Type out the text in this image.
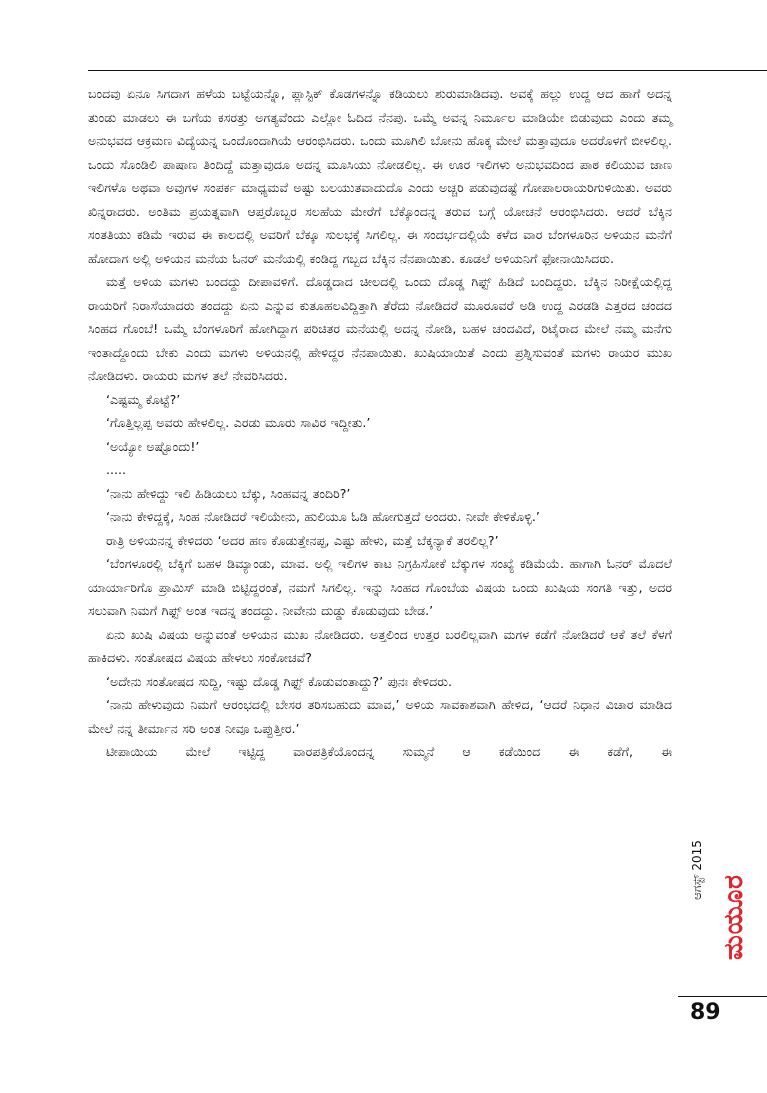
ಬಂದವು ಏನೂ ಸಿಗದಾಗ ಹಳೆಯ ಬಟ್ಟೆಯನ್ನೊ, ಪ್ಲಾಸ್ಟಿಕ್ ಕೊಡಗಳನ್ನೊ ಕಡಿಯಲು ಶುರುಮಾಡಿದವು. ಅವಕ್ಕೆ ಹಲ್ಲು ಉದ್ದ ಆದ ಹಾಗೆ ಅದನ್ನ ತುಂಡು ಮಾಡಲು ಈ ಬಗೆಯ ಕಸರತ್ತು ಅಗತ್ಯವೆಂದು ಎಲ್ಲೋ ಓದಿದ ನೆನಪು. ಒಮ್ಮೆ ಅವನ್ನ ನಿರ್ಮೂಲ ಮಾಡಿಯೇ ಬಿಡುವುದು ಎಂದು ತಮ್ಮ ಅನುಭವದ ಆಕ್ರಮಣ ವಿದ್ಯೆಯನ್ನ ಒಂದೊಂದಾಗಿಯೆ ಆರಂಭಿಸಿದರು. ಒಂದು ಮೂಗಿಲಿ ಬೋನು ಹೊಕ್ಕ ಮೇಲೆ ಮತ್ತಾವುದೂ ಅದರೊಳಗೆ ಬೀಳಲಿಲ್ಲ. ಒಂದು ಸೊಂಡಿಲಿ ಪಾಷಾಣ ತಿಂದಿದ್ದೆ ಮತ್ತಾವುದೂ ಅದನ್ನ ಮೂಸಿಯು ನೋಡಲಿಲ್ಲ. ಈ ಊರ ಇಲಿಗಳು ಅನುಭವದಿಂದ ಪಾಠ ಕಲಿಯುವ ಜಾಣ ಇಲಿಗಳೊ ಅಥವಾ ಅವುಗಳ ಸಂಪರ್ಕ ಮಾಧ್ಯಮವೆ ಅಷ್ಟು ಬಲಯುತವಾದುದೊ ಎಂದು ಅಚ್ಚರಿ ಪಡುವುದಷ್ಟೆ ಗೋಪಾಲರಾಯರಿಗುಳಿಯಿತು. ಅವರು ಖಿನ್ನರಾದರು. ಅಂತಿಮ ಪ್ರಯತ್ನವಾಗಿ ಆಪ್ತರೊಬ್ಬರ ಸಲಹೆಯ ಮೇರೆಗೆ ಬೆಕ್ಕೊಂದನ್ನ ತರುವ ಬಗ್ಗೆ ಯೋಚನೆ ಆರಂಭಿಸಿದರು. ಆದರೆ ಬೆಕ್ಕಿನ ಸಂತತಿಯು ಕಡಿಮೆ ಇರುವ ಈ ಕಾಲದಲ್ಲಿ ಅವರಿಗೆ ಬೆಕ್ಕೂ ಸುಲಭಕ್ಕೆ ಸಿಗಲಿಲ್ಲ. ಈ ಸಂದರ್ಭದಲ್ಲಿಯೆ ಕಳೆದ ವಾರ ಬೆಂಗಳೂರಿನ ಅಳಿಯನ ಮನೆಗೆ ಹೋದಾಗ ಅಲ್ಲಿ ಅಳಿಯನ ಮನೆಯ ಓನರ್ ಮನೆಯಲ್ಲಿ ಕಂಡಿದ್ದ ಗಬ್ಬದ ಬೆಕ್ಕಿನ ನೆನಪಾಯಿತು. ಕೂಡಲೆ ಅಳಿಯನಿಗೆ ಫೋನಾಯಿಸಿದರು.

ಮತ್ತೆ ಅಳಿಯ ಮಗಳು ಬಂದದ್ದು ದೀಪಾವಳಿಗೆ. ದೊಡ್ಡದಾದ ಚೀಲದಲ್ಲಿ ಒಂದು ದೊಡ್ಡ ಗಿಫ್ಟ್ ಹಿಡಿದೆ ಬಂದಿದ್ದರು. ಬೆಕ್ಕಿನ ನಿರೀಕ್ಷೆಯಲ್ಲಿದ್ದ ರಾಯರಿಗೆ ನಿರಾಸೆಯಾದರು ತಂದದ್ದು ಏನು ಎನ್ನುವ ಕುತೂಹಲವಿದ್ದಿತ್ತಾಗಿ ತೆರೆದು ನೋಡಿದರೆ ಮೂರೂವರೆ ಅಡಿ ಉದ್ದ ಎರಡಡಿ ಎತ್ತರದ ಚಂದದ ಸಿಂಹದ ಗೊಂಬೆ! ಒಮ್ಮೆ ಬೆಂಗಳೂರಿಗೆ ಹೋಗಿದ್ದಾಗ ಪರಿಚಿತರ ಮನೆಯಲ್ಲಿ ಅದನ್ನ ನೋಡಿ, ಬಹಳ ಚಂದವಿದೆ, ರಿಟೈರಾದ ಮೇಲೆ ನಮ್ಮ ಮನೆಗು ಇಂತಾದ್ದೊಂದು ಬೇಕು ಎಂದು ಮಗಳು ಅಳಿಯನಲ್ಲಿ ಹೇಳಿದ್ದರ ನೆನಪಾಯಿತು. ಖುಷಿಯಾಯಿತೆ ಎಂದು ಪ್ರಶ್ನಿಸುವಂತೆ ಮಗಳು ರಾಯರ ಮುಖ ನೋಡಿದಳು. ರಾಯರು ಮಗಳ ತಲೆ ನೇವರಿಸಿದರು.

‘ಎಷ್ಟಮ್ಮ ಕೊಟ್ಟೆ?’

‘ಗೊತ್ತಿಲ್ಲಪ್ಪ ಅವರು ಹೇಳಲಿಲ್ಲ. ಎರಡು ಮೂರು ಸಾವಿರ ಇದ್ದೀತು.’

‘ಅಯ್ಯೋ ಅಷ್ಟೊಂದು!’

.....

‘ನಾನು ಹೇಳಿದ್ದು ಇಲಿ ಹಿಡಿಯಲು ಬೆಕ್ಕು, ಸಿಂಹವನ್ನ ತಂದಿರಿ?’

‘ನಾನು ಕೇಳಿದ್ದಕ್ಕೆ, ಸಿಂಹ ನೋಡಿದರೆ ಇಲಿಯೇನು, ಹುಲಿಯೂ ಓಡಿ ಹೋಗುತ್ತದೆ ಅಂದರು. ನೀವೇ ಕೇಳಿಕೊಳ್ಳಿ.’

ರಾತ್ರಿ ಅಳಿಯನನ್ನ ಕೇಳಿದರು ‘ಅದರ ಹಣ ಕೊಡುತ್ತೇನಪ್ಪ, ಎಷ್ಟು ಹೇಳು, ಮತ್ತೆ ಬೆಕ್ಕನ್ಯಾಕೆ ತರಲಿಲ್ಲ?’

‘ಬೆಂಗಳೂರಲ್ಲಿ ಬೆಕ್ಕಿಗೆ ಬಹಳ ಡಿಮ್ಯಾಂಡು, ಮಾವ. ಅಲ್ಲಿ ಇಲಿಗಳ ಕಾಟ ನಿಗ್ರಹಿಸೋಕೆ ಬೆಕ್ಕುಗಳ ಸಂಖ್ಯೆ ಕಡಿಮೆಯೆ. ಹಾಗಾಗಿ ಓನರ್ ಮೊದಲೆ ಯಾರ್ಯಾರಿಗೊ ಪ್ರಾಮಿಸ್ ಮಾಡಿ ಬಿಟ್ಟಿದ್ದರಂತೆ, ನಮಗೆ ಸಿಗಲಿಲ್ಲ. ಇನ್ನು ಸಿಂಹದ ಗೊಂಬೆಯ ವಿಷಯ ಒಂದು ಖುಷಿಯ ಸಂಗತಿ ಇತ್ತು, ಅದರ ಸಲುವಾಗಿ ನಿಮಗೆ ಗಿಫ್ಟ್ ಅಂತ ಇದನ್ನ ತಂದದ್ದು. ನೀವೇನು ದುಡ್ಡು ಕೊಡುವುದು ಬೇಡ.’

ಏನು ಖುಷಿ ವಿಷಯ ಅನ್ನುವಂತೆ ಅಳಿಯನ ಮುಖ ನೋಡಿದರು. ಅತ್ತಲಿಂದ ಉತ್ತರ ಬರಲಿಲ್ಲವಾಗಿ ಮಗಳ ಕಡೆಗೆ ನೋಡಿದರೆ ಆಕೆ ತಲೆ ಕೆಳಗೆ ಹಾಕಿದಳು. ಸಂತೋಷದ ವಿಷಯ ಹೇಳಲು ಸಂಕೋಚವೆ?

‘ಅದೇನು ಸಂತೋಷದ ಸುದ್ದಿ, ಇಷ್ಟು ದೊಡ್ಡ ಗಿಫ್ಟ್ ಕೊಡುವಂತಾದ್ದು?’ ಪುನಃ ಕೇಳಿದರು.

‘ನಾನು ಹೇಳುವುದು ನಿಮಗೆ ಆರಂಭದಲ್ಲಿ ಬೇಸರ ತರಿಸಬಹುದು ಮಾವ,’ ಅಳಿಯ ಸಾವಕಾಶವಾಗಿ ಹೇಳಿದ, ‘ಆದರೆ ನಿಧಾನ ವಿಚಾರ ಮಾಡಿದ ಮೇಲೆ ನನ್ನ ತೀರ್ಮಾನ ಸರಿ ಅಂತ ನೀವೂ ಒಪ್ಪುತ್ತೀರ.’

ಟೀಪಾಯಿಯ ಮೇಲೆ ಇಟ್ಟಿದ್ದ ವಾರಪತ್ರಿಕೆಯೊಂದನ್ನ ಸುಮ್ಮನೆ ಆ ಕಡೆಯಿಂದ ಈ ಕಡೆಗೆ, ಈ

ಆಗಸ್ಟ್ 2015
ಮಯೂರ
89
